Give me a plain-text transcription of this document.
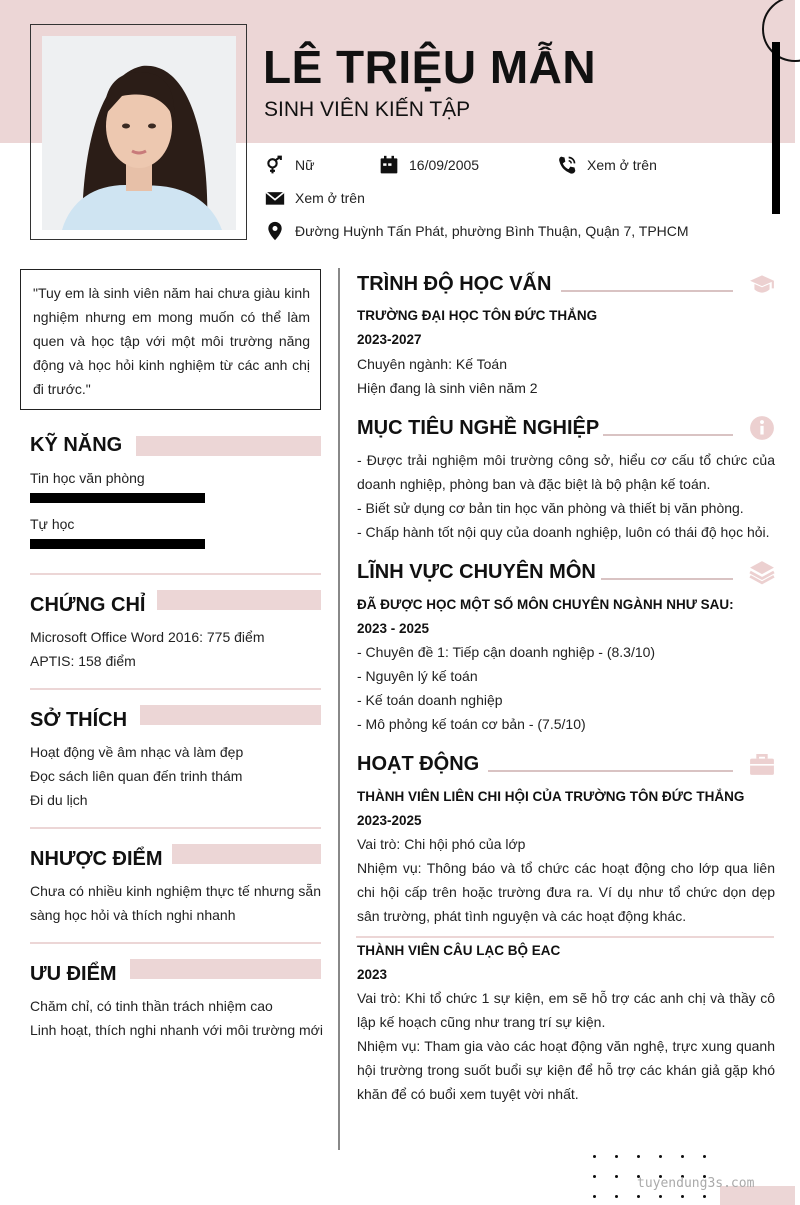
LÊ TRIỆU MẪN
SINH VIÊN KIẾN TẬP
Nữ	16/09/2005	Xem ở trên
Xem ở trên
Đường Huỳnh Tấn Phát, phường Bình Thuận, Quận 7, TPHCM
"Tuy em là sinh viên năm hai chưa giàu kinh nghiệm nhưng em mong muốn có thể làm quen và học tập với một môi trường năng động và học hỏi kinh nghiệm từ các anh chị đi trước."
KỸ NĂNG
Tin học văn phòng
Tự học
CHỨNG CHỈ
Microsoft Office Word 2016: 775 điểm
APTIS: 158 điểm
SỞ THÍCH
Hoạt động về âm nhạc và làm đẹp
Đọc sách liên quan đến trinh thám
Đi du lịch
NHƯỢC ĐIỂM
Chưa có nhiều kinh nghiệm thực tế nhưng sẵn sàng học hỏi và thích nghi nhanh
ƯU ĐIỂM
Chăm chỉ, có tinh thần trách nhiệm cao
Linh hoạt, thích nghi nhanh với môi trường mới
TRÌNH ĐỘ HỌC VẤN
TRƯỜNG ĐẠI HỌC TÔN ĐỨC THẮNG
2023-2027
Chuyên ngành: Kế Toán
Hiện đang là sinh viên năm 2
MỤC TIÊU NGHỀ NGHIỆP
- Được trải nghiệm môi trường công sở, hiểu cơ cấu tổ chức của doanh nghiệp, phòng ban và đặc biệt là bộ phận kế toán.
- Biết sử dụng cơ bản tin học văn phòng và thiết bị văn phòng.
- Chấp hành tốt nội quy của doanh nghiệp, luôn có thái độ học hỏi.
LĨNH VỰC CHUYÊN MÔN
ĐÃ ĐƯỢC HỌC MỘT SỐ MÔN CHUYÊN NGÀNH NHƯ SAU:
2023 - 2025
- Chuyên đề 1: Tiếp cận doanh nghiệp - (8.3/10)
- Nguyên lý kế toán
- Kế toán doanh nghiệp
- Mô phỏng kế toán cơ bản - (7.5/10)
HOẠT ĐỘNG
THÀNH VIÊN LIÊN CHI HỘI CỦA TRƯỜNG TÔN ĐỨC THẮNG
2023-2025
Vai trò: Chi hội phó của lớp
Nhiệm vụ: Thông báo và tổ chức các hoạt động cho lớp qua liên chi hội cấp trên hoặc trường đưa ra. Ví dụ như tổ chức dọn dẹp sân trường, phát tình nguyện và các hoạt động khác.
THÀNH VIÊN CÂU LẠC BỘ EAC
2023
Vai trò: Khi tổ chức 1 sự kiện, em sẽ hỗ trợ các anh chị và thầy cô lập kế hoạch cũng như trang trí sự kiện.
Nhiệm vụ: Tham gia vào các hoạt động văn nghệ, trực xung quanh hội trường trong suốt buổi sự kiện để hỗ trợ các khán giả gặp khó khăn để có buổi xem tuyệt vời nhất.
tuyendung3s.com
